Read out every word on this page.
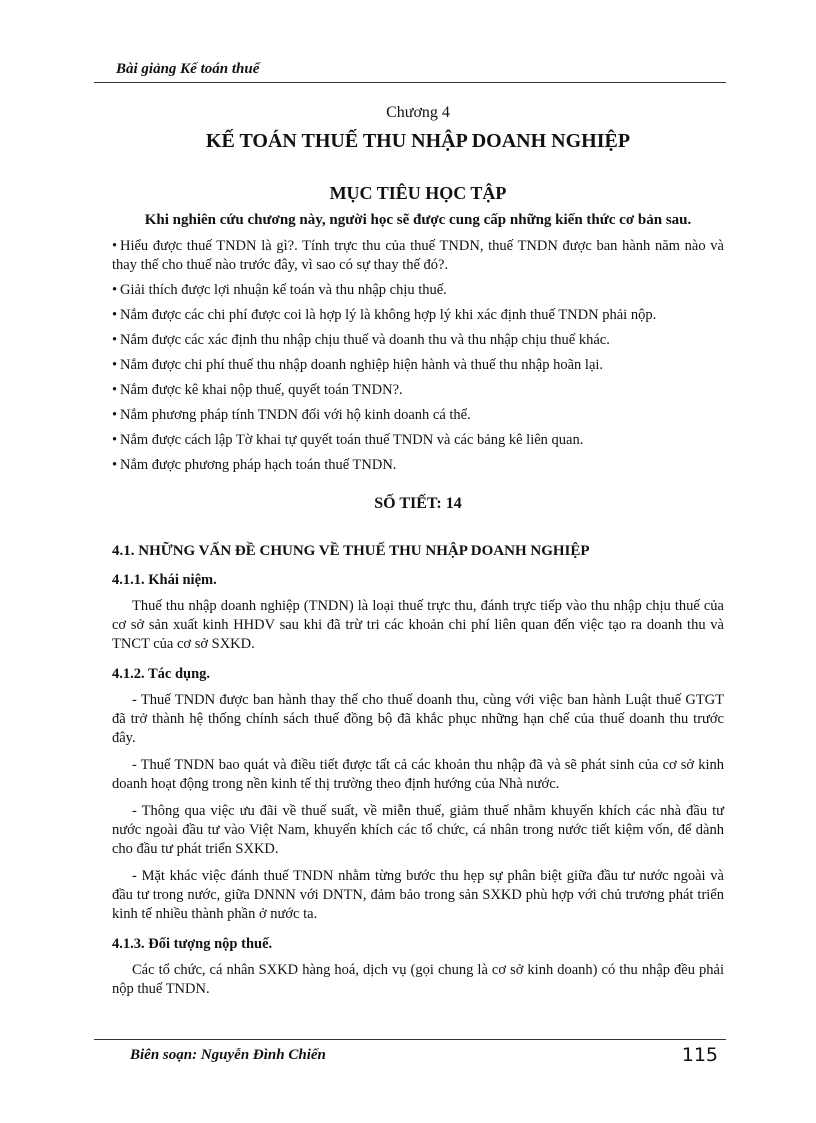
Bài giảng Kế toán thuế
Chương 4
KẾ TOÁN THUẾ THU NHẬP DOANH NGHIỆP
MỤC TIÊU HỌC TẬP
Khi nghiên cứu chương này, người học sẽ được cung cấp những kiến thức cơ bản sau.
• Hiểu được thuế TNDN là gì?. Tính trực thu của thuế TNDN, thuế TNDN được ban hành năm nào và thay thế cho thuế nào trước đây, vì sao có sự thay thế đó?.
• Giải thích được lợi nhuận kế toán và thu nhập chịu thuế.
• Nắm được các chi phí được coi là hợp lý là không hợp lý khi xác định thuế TNDN phải nộp.
• Nắm được các xác định thu nhập chịu thuế và doanh thu và thu nhập chịu thuế khác.
• Nắm được chi phí thuế thu nhập doanh nghiệp hiện hành và thuế thu nhập hoãn lại.
• Nắm được kê khai nộp thuế, quyết toán TNDN?.
• Nắm phương pháp tính TNDN đối với hộ kinh doanh cá thể.
• Nắm được cách lập Tờ khai tự quyết toán thuế TNDN và các bảng kê liên quan.
• Nắm được phương pháp hạch toán thuế TNDN.
SỐ TIẾT: 14
4.1. NHỮNG VẤN ĐỀ CHUNG VỀ THUẾ THU NHẬP DOANH NGHIỆP
4.1.1. Khái niệm.
Thuế thu nhập doanh nghiệp (TNDN) là loại thuế trực thu, đánh trực tiếp vào thu nhập chịu thuế của cơ sở sản xuất kinh HHDV sau khi đã trừ tri các khoản chi phí liên quan đến việc tạo ra doanh thu và TNCT của cơ sở SXKD.
4.1.2. Tác dụng.
- Thuế TNDN được ban hành thay thế cho thuế doanh thu, cùng với việc ban hành Luật thuế GTGT đã trở thành hệ thống chính sách thuế đồng bộ đã khắc phục những hạn chế của thuế doanh thu trước đây.
- Thuế TNDN bao quát và điều tiết được tất cả các khoản thu nhập đã và sẽ phát sinh của cơ sở kinh doanh hoạt động trong nền kinh tế thị trường theo định hướng của Nhà nước.
- Thông qua việc ưu đãi về thuế suất, về miễn thuế, giảm thuế nhằm khuyến khích các nhà đầu tư nước ngoài đầu tư vào Việt Nam, khuyến khích các tổ chức, cá nhân trong nước tiết kiệm vốn, để dành cho đầu tư phát triển SXKD.
- Mặt khác việc đánh thuế TNDN nhằm từng bước thu hẹp sự phân biệt giữa đầu tư nước ngoài và đầu tư trong nước, giữa DNNN với DNTN, đảm bảo trong sản SXKD phù hợp với chủ trương phát triển kinh tế nhiều thành phần ở nước ta.
4.1.3. Đối tượng nộp thuế.
Các tổ chức, cá nhân SXKD hàng hoá, dịch vụ (gọi chung là cơ sở kinh doanh) có thu nhập đều phải nộp thuế TNDN.
Biên soạn: Nguyễn Đình Chiến	115
